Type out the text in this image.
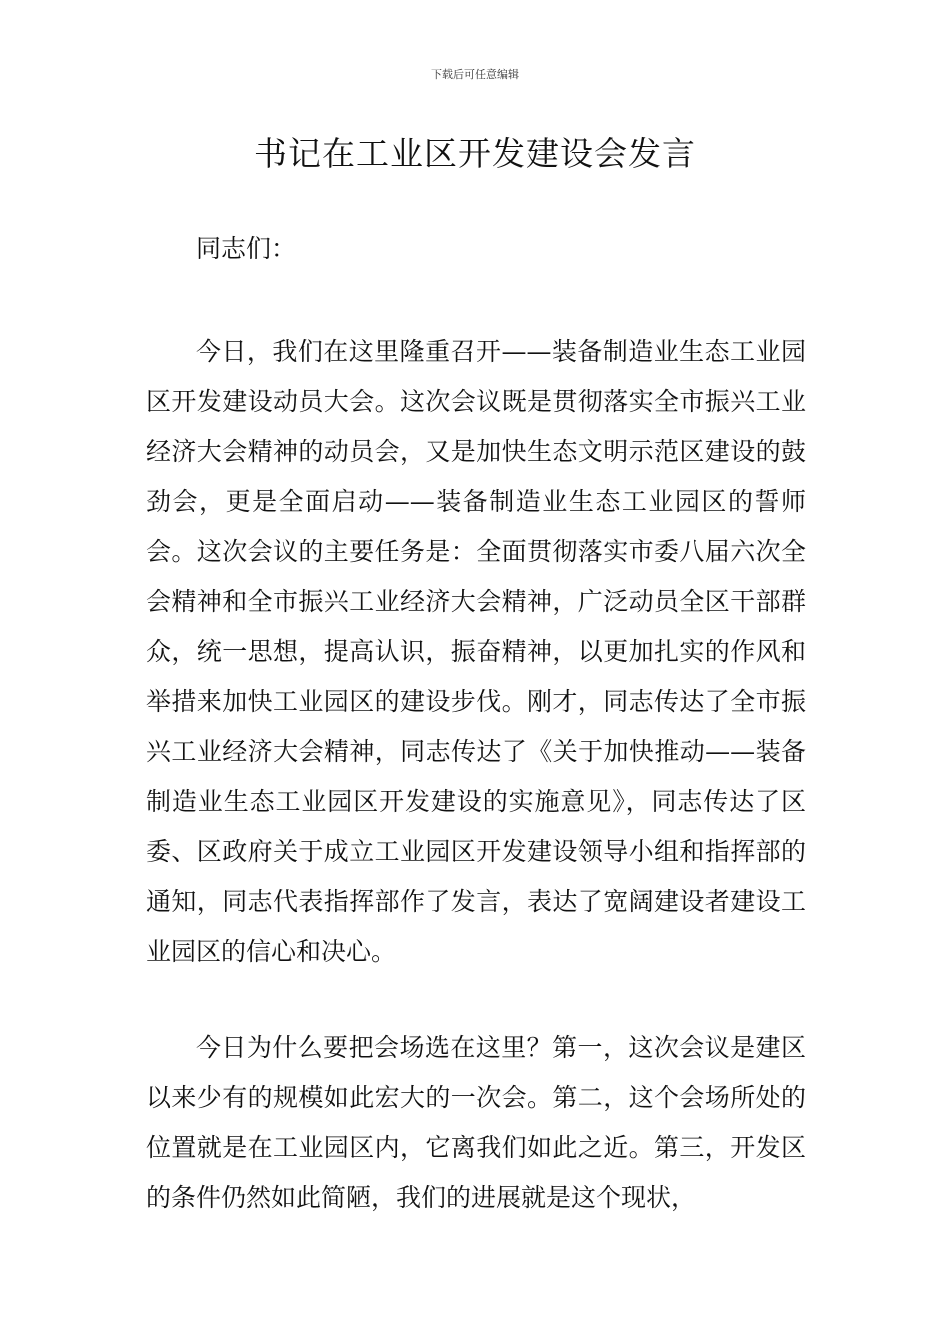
下载后可任意编辑
书记在工业区开发建设会发言

同志们：

今日，我们在这里隆重召开——装备制造业生态工业园区开发建设动员大会。这次会议既是贯彻落实全市振兴工业经济大会精神的动员会，又是加快生态文明示范区建设的鼓劲会，更是全面启动——装备制造业生态工业园区的誓师会。这次会议的主要任务是：全面贯彻落实市委八届六次全会精神和全市振兴工业经济大会精神，广泛动员全区干部群众，统一思想，提高认识，振奋精神，以更加扎实的作风和举措来加快工业园区的建设步伐。刚才，同志传达了全市振兴工业经济大会精神，同志传达了《关于加快推动——装备制造业生态工业园区开发建设的实施意见》，同志传达了区委、区政府关于成立工业园区开发建设领导小组和指挥部的通知，同志代表指挥部作了发言，表达了宽阔建设者建设工业园区的信心和决心。

今日为什么要把会场选在这里？第一，这次会议是建区以来少有的规模如此宏大的一次会。第二，这个会场所处的位置就是在工业园区内，它离我们如此之近。第三，开发区的条件仍然如此简陋，我们的进展就是这个现状，
